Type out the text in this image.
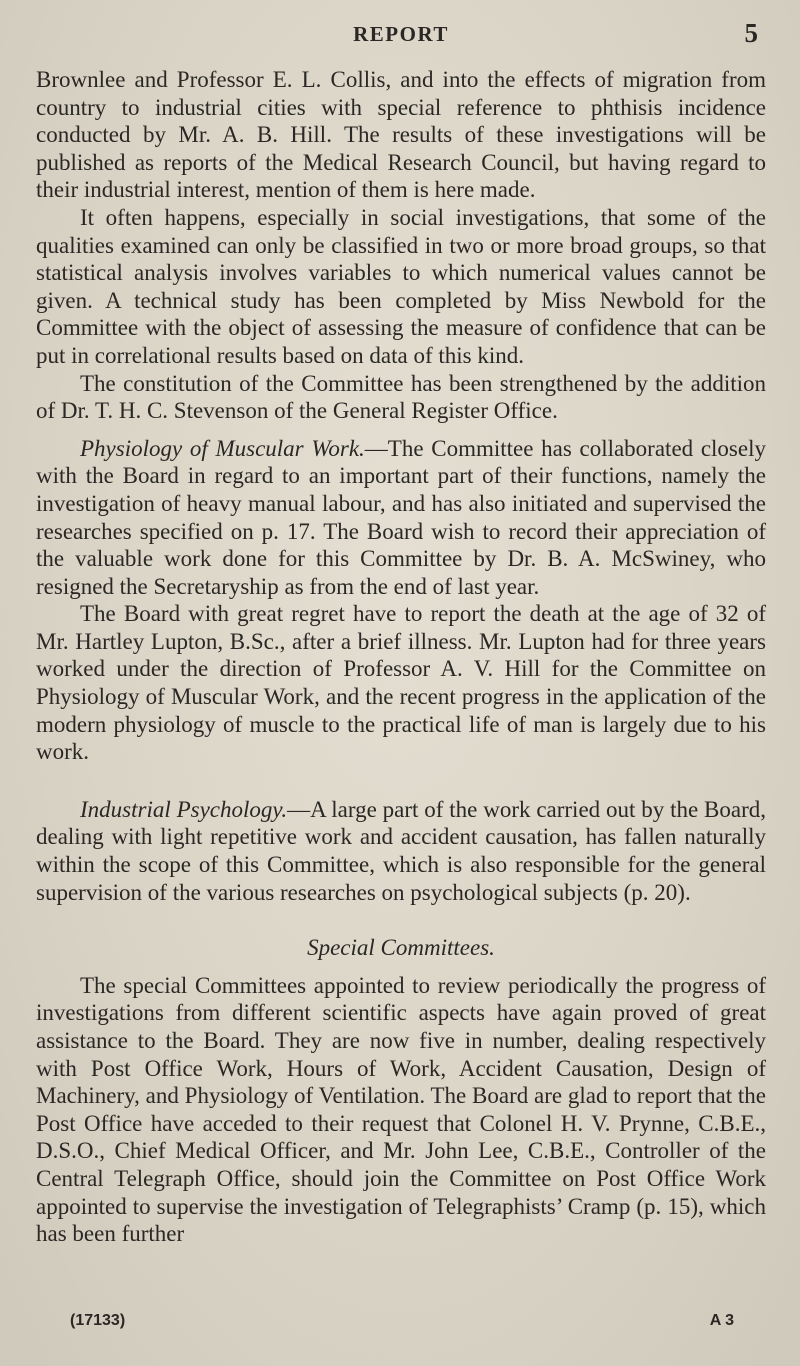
REPORT	5

Brownlee and Professor E. L. Collis, and into the effects of migration from country to industrial cities with special reference to phthisis incidence conducted by Mr. A. B. Hill. The results of these investigations will be published as reports of the Medical Research Council, but having regard to their industrial interest, mention of them is here made.

It often happens, especially in social investigations, that some of the qualities examined can only be classified in two or more broad groups, so that statistical analysis involves variables to which numerical values cannot be given. A technical study has been completed by Miss Newbold for the Committee with the object of assessing the measure of confidence that can be put in correlational results based on data of this kind.

The constitution of the Committee has been strengthened by the addition of Dr. T. H. C. Stevenson of the General Register Office.

Physiology of Muscular Work.—The Committee has collaborated closely with the Board in regard to an important part of their functions, namely the investigation of heavy manual labour, and has also initiated and supervised the researches specified on p. 17. The Board wish to record their appreciation of the valuable work done for this Committee by Dr. B. A. McSwiney, who resigned the Secretaryship as from the end of last year.

The Board with great regret have to report the death at the age of 32 of Mr. Hartley Lupton, B.Sc., after a brief illness. Mr. Lupton had for three years worked under the direction of Professor A. V. Hill for the Committee on Physiology of Muscular Work, and the recent progress in the application of the modern physiology of muscle to the practical life of man is largely due to his work.

Industrial Psychology.—A large part of the work carried out by the Board, dealing with light repetitive work and accident causation, has fallen naturally within the scope of this Committee, which is also responsible for the general supervision of the various researches on psychological subjects (p. 20).

Special Committees.

The special Committees appointed to review periodically the progress of investigations from different scientific aspects have again proved of great assistance to the Board. They are now five in number, dealing respectively with Post Office Work, Hours of Work, Accident Causation, Design of Machinery, and Physiology of Ventilation. The Board are glad to report that the Post Office have acceded to their request that Colonel H. V. Prynne, C.B.E., D.S.O., Chief Medical Officer, and Mr. John Lee, C.B.E., Controller of the Central Telegraph Office, should join the Committee on Post Office Work appointed to supervise the investigation of Telegraphists’ Cramp (p. 15), which has been further

(17133)	A 3
